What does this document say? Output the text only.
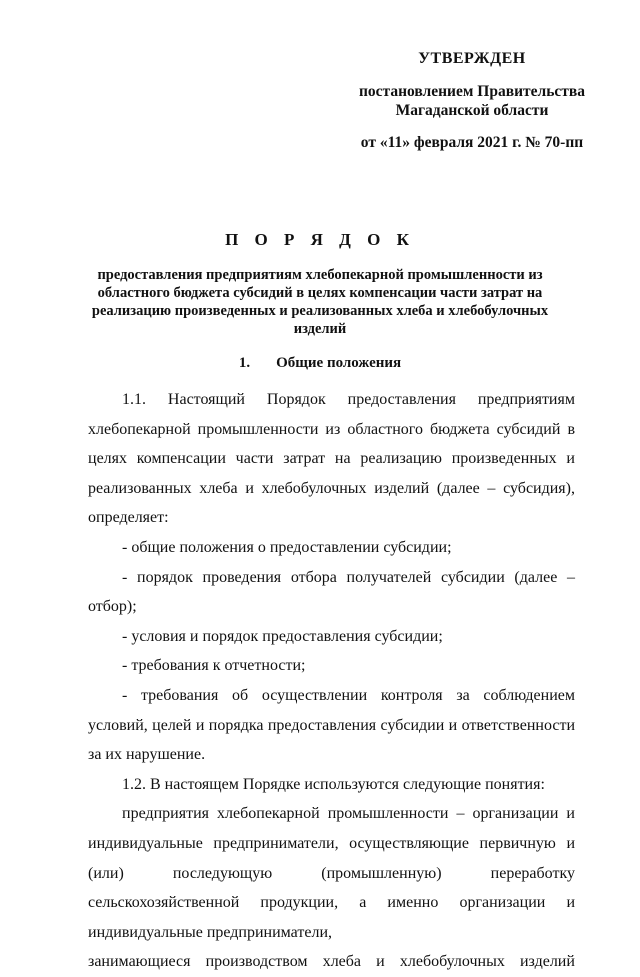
УТВЕРЖДЕН
постановлением Правительства Магаданской области
от «11» февраля 2021 г. № 70-пп
П О Р Я Д О К
предоставления предприятиям хлебопекарной промышленности из областного бюджета субсидий в целях компенсации части затрат на реализацию произведенных и реализованных хлеба и хлебобулочных изделий
1. Общие положения
1.1. Настоящий Порядок предоставления предприятиям

хлебопекарной промышленности из областного бюджета субсидий в целях компенсации части затрат на реализацию произведенных и реализованных хлеба и хлебобулочных изделий (далее – субсидия), определяет:

- общие положения о предоставлении субсидии;

- порядок проведения отбора получателей субсидии (далее – отбор);

- условия и порядок предоставления субсидии;

- требования к отчетности;

- требования об осуществлении контроля за соблюдением условий, целей и порядка предоставления субсидии и ответственности за их нарушение.

1.2. В настоящем Порядке используются следующие понятия:

предприятия хлебопекарной промышленности – организации и индивидуальные предприниматели, осуществляющие первичную и (или) последующую (промышленную) переработку сельскохозяйственной продукции, а именно организации и индивидуальные предприниматели,

занимающиеся производством хлеба и хлебобулочных изделий
